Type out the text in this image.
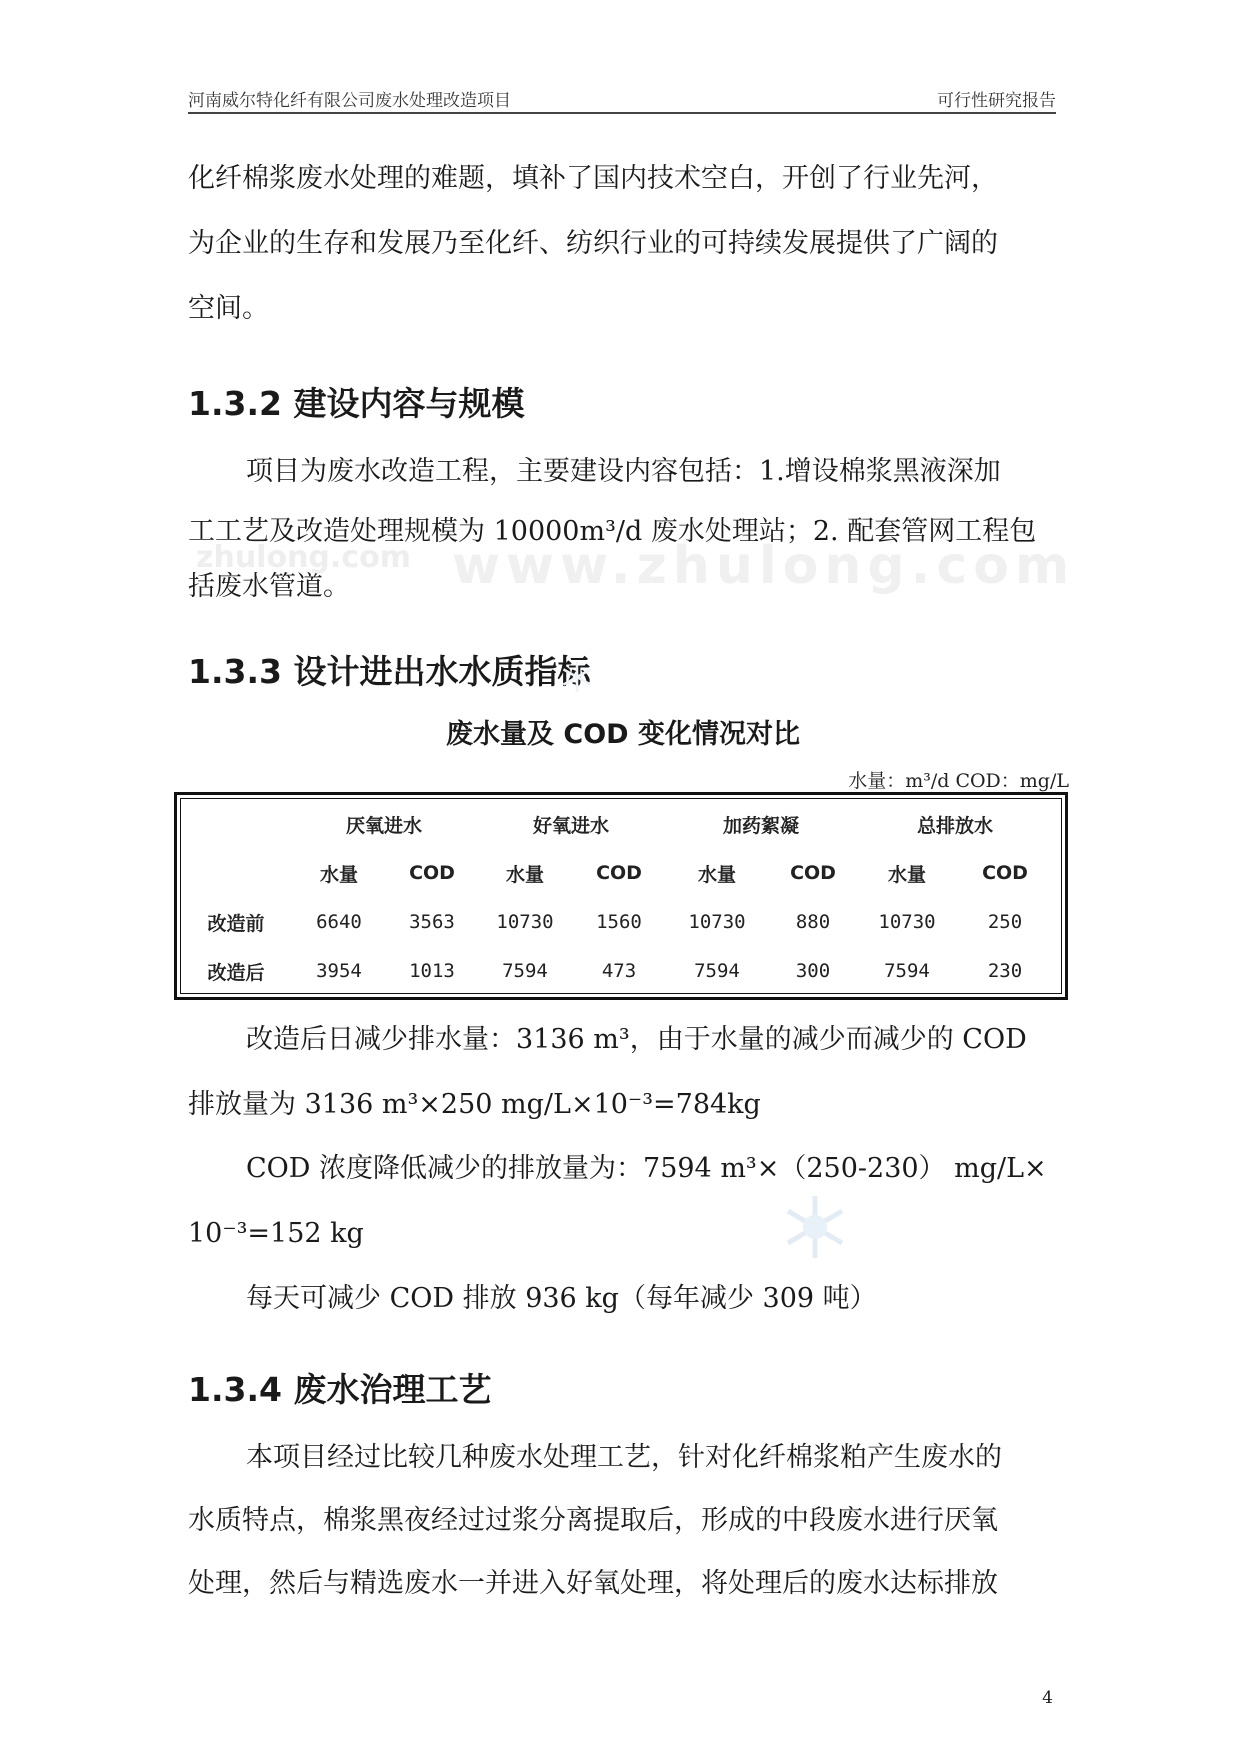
河南威尔特化纤有限公司废水处理改造项目	可行性研究报告
化纤棉浆废水处理的难题，填补了国内技术空白，开创了行业先河，
为企业的生存和发展乃至化纤、纺织行业的可持续发展提供了广阔的
空间。
1.3.2 建设内容与规模
项目为废水改造工程，主要建设内容包括：1.增设棉浆黑液深加
工工艺及改造处理规模为 10000m³/d 废水处理站；2. 配套管网工程包
括废水管道。
zhulong.com www.zhulong.com
1.3.3 设计进出水水质指标
废水量及 COD 变化情况对比
水量：m³/d COD：mg/L
厌氧进水	好氧进水	加药絮凝	总排放水
水量	COD	水量	COD	水量	COD	水量	COD
改造前	6640	3563	10730	1560	10730	880	10730	250
改造后	3954	1013	7594	473	7594	300	7594	230
改造后日减少排水量：3136 m³，由于水量的减少而减少的 COD
排放量为 3136 m³×250 mg/L×10⁻³=784kg
COD 浓度降低减少的排放量为：7594 m³×（250-230） mg/L×
10⁻³=152 kg
每天可减少 COD 排放 936 kg（每年减少 309 吨）
1.3.4 废水治理工艺
本项目经过比较几种废水处理工艺，针对化纤棉浆粕产生废水的
水质特点，棉浆黑夜经过过浆分离提取后，形成的中段废水进行厌氧
处理，然后与精选废水一并进入好氧处理，将处理后的废水达标排放
4
